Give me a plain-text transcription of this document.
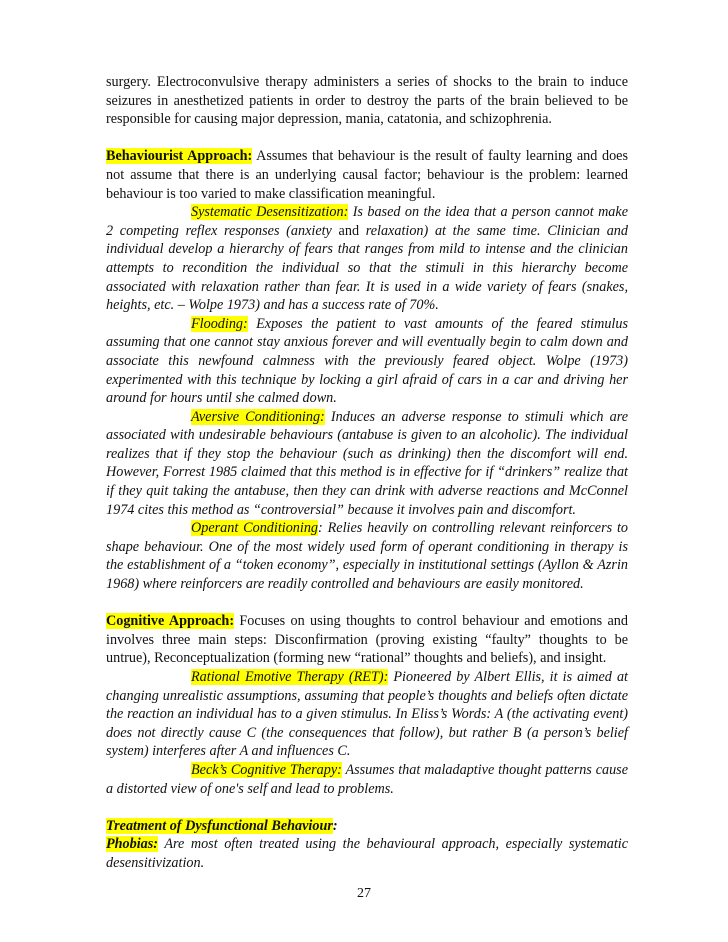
surgery. Electroconvulsive therapy administers a series of shocks to the brain to induce seizures in anesthetized patients in order to destroy the parts of the brain believed to be responsible for causing major depression, mania, catatonia, and schizophrenia.

Behaviourist Approach: Assumes that behaviour is the result of faulty learning and does not assume that there is an underlying causal factor; behaviour is the problem: learned behaviour is too varied to make classification meaningful.

Systematic Desensitization: Is based on the idea that a person cannot make 2 competing reflex responses (anxiety and relaxation) at the same time. Clinician and individual develop a hierarchy of fears that ranges from mild to intense and the clinician attempts to recondition the individual so that the stimuli in this hierarchy become associated with relaxation rather than fear. It is used in a wide variety of fears (snakes, heights, etc. – Wolpe 1973) and has a success rate of 70%.

Flooding: Exposes the patient to vast amounts of the feared stimulus assuming that one cannot stay anxious forever and will eventually begin to calm down and associate this newfound calmness with the previously feared object. Wolpe (1973) experimented with this technique by locking a girl afraid of cars in a car and driving her around for hours until she calmed down.

Aversive Conditioning: Induces an adverse response to stimuli which are associated with undesirable behaviours (antabuse is given to an alcoholic). The individual realizes that if they stop the behaviour (such as drinking) then the discomfort will end. However, Forrest 1985 claimed that this method is in effective for if “drinkers” realize that if they quit taking the antabuse, then they can drink with adverse reactions and McConnel 1974 cites this method as “controversial” because it involves pain and discomfort.

Operant Conditioning: Relies heavily on controlling relevant reinforcers to shape behaviour. One of the most widely used form of operant conditioning in therapy is the establishment of a “token economy”, especially in institutional settings (Ayllon & Azrin 1968) where reinforcers are readily controlled and behaviours are easily monitored.

Cognitive Approach: Focuses on using thoughts to control behaviour and emotions and involves three main steps: Disconfirmation (proving existing “faulty” thoughts to be untrue), Reconceptualization (forming new “rational” thoughts and beliefs), and insight.

Rational Emotive Therapy (RET): Pioneered by Albert Ellis, it is aimed at changing unrealistic assumptions, assuming that people’s thoughts and beliefs often dictate the reaction an individual has to a given stimulus. In Eliss’s Words: A (the activating event) does not directly cause C (the consequences that follow), but rather B (a person’s belief system) interferes after A and influences C.

Beck’s Cognitive Therapy: Assumes that maladaptive thought patterns cause a distorted view of one's self and lead to problems.

Treatment of Dysfunctional Behaviour:

Phobias: Are most often treated using the behavioural approach, especially systematic desensitivization.

27
